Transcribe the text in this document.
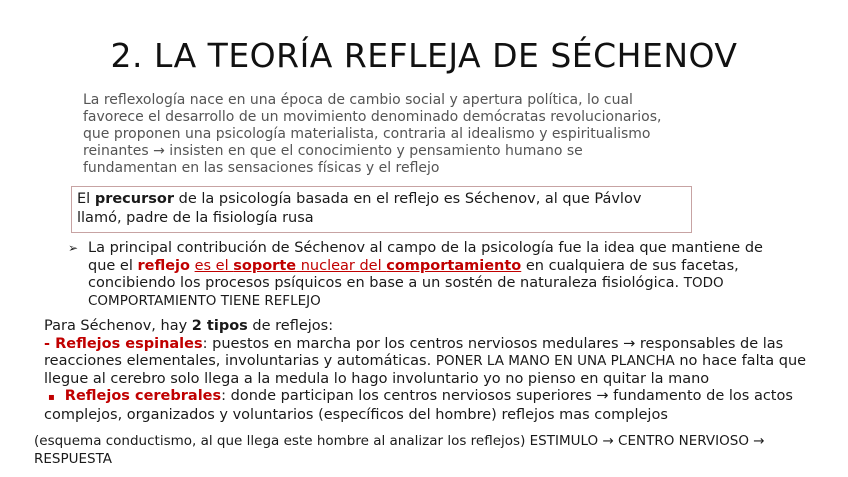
2. LA TEORÍA REFLEJA DE SÉCHENOV
La reflexología nace en una época de cambio social y apertura política, lo cual
favorece el desarrollo de un movimiento denominado demócratas revolucionarios,
que proponen una psicología materialista, contraria al idealismo y espiritualismo
reinantes → insisten en que el conocimiento y pensamiento humano se
fundamentan en las sensaciones físicas y el reflejo
El precursor de la psicología basada en el reflejo es Séchenov, al que Pávlov llamó, padre de la fisiología rusa
➢ La principal contribución de Séchenov al campo de la psicología fue la idea que mantiene de que el reflejo es el soporte nuclear del comportamiento en cualquiera de sus facetas, concibiendo los procesos psíquicos en base a un sostén de naturaleza fisiológica. TODO COMPORTAMIENTO TIENE REFLEJO
Para Séchenov, hay 2 tipos de reflejos:
- Reflejos espinales: puestos en marcha por los centros nerviosos medulares → responsables de las reacciones elementales, involuntarias y automáticas. PONER LA MANO EN UNA PLANCHA no hace falta que llegue al cerebro solo llega a la medula lo hago involuntario yo no pienso en quitar la mano
▪ Reflejos cerebrales: donde participan los centros nerviosos superiores → fundamento de los actos complejos, organizados y voluntarios (específicos del hombre) reflejos mas complejos
(esquema conductismo, al que llega este hombre al analizar los reflejos) ESTIMULO → CENTRO NERVIOSO → RESPUESTA
